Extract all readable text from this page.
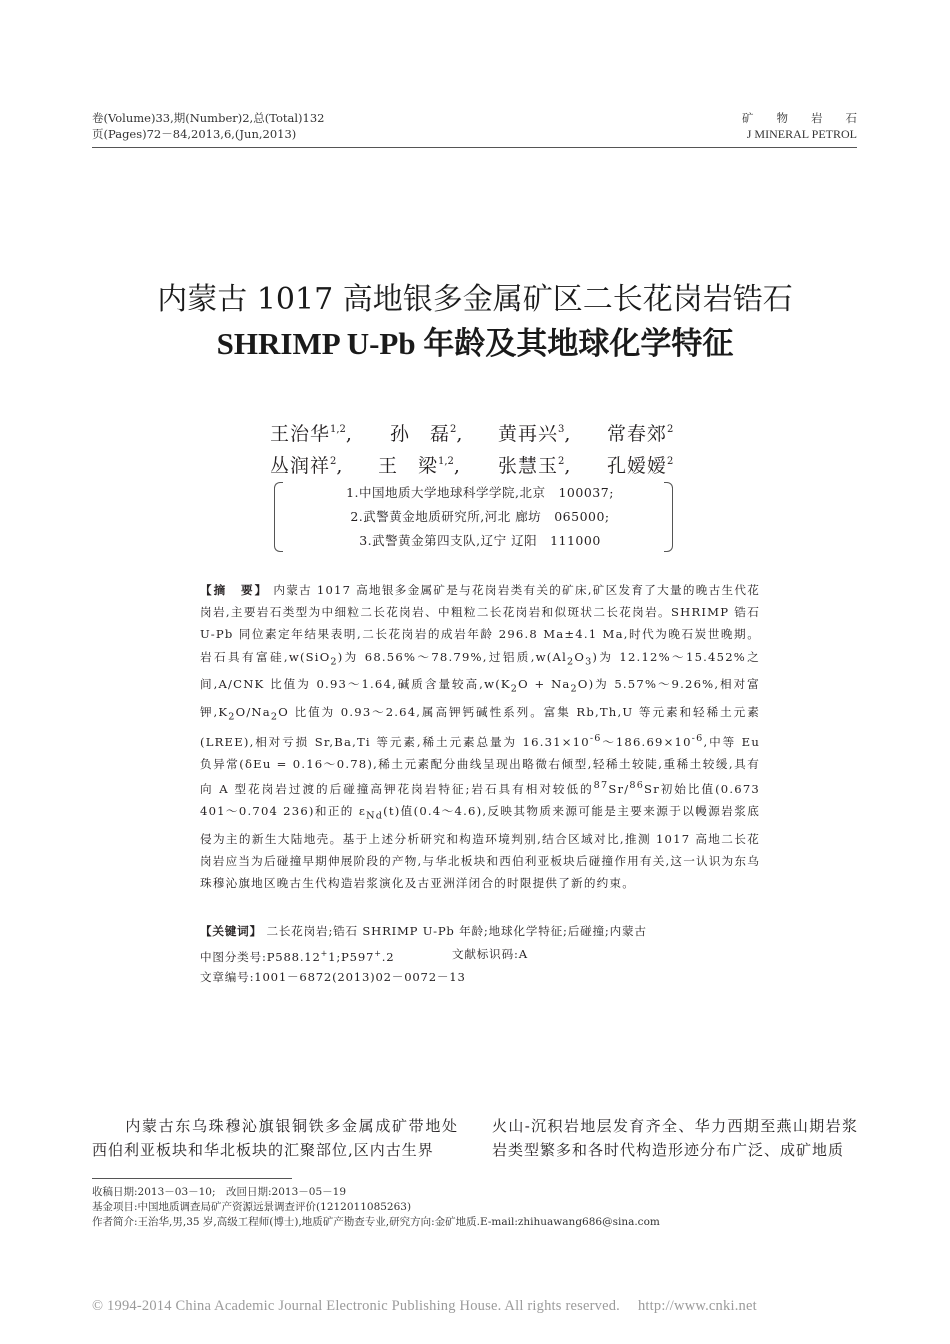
卷(Volume)33,期(Number)2,总(Total)132
页(Pages)72－84,2013,6,(Jun,2013)
矿　　物　　岩　　石
J MINERAL PETROL
内蒙古 1017 高地银多金属矿区二长花岗岩锆石
SHRIMP U-Pb 年龄及其地球化学特征
王治华$^{1,2}$, 孙　磊$^2$, 黄再兴$^3$, 常春郊$^2$
丛润祥$^2$, 王　梁$^{1,2}$, 张慧玉$^2$, 孔嫒嫒$^2$
1.中国地质大学地球科学学院,北京　100037;
2.武警黄金地质研究所,河北 廊坊　065000;
3.武警黄金第四支队,辽宁 辽阳　111000
【摘　要】 内蒙古 1017 高地银多金属矿是与花岗岩类有关的矿床,矿区发育了大量的晚古生代花岗岩,主要岩石类型为中细粒二长花岗岩、中粗粒二长花岗岩和似斑状二长花岗岩。SHRIMP 锆石 U-Pb 同位素定年结果表明,二长花岗岩的成岩年龄 296.8 Ma±4.1 Ma,时代为晚石炭世晚期。岩石具有富硅,w(SiO$_2$)为 68.56%～78.79%,过铝质$,w(Al_2O_3)$为 12.12%～15.452%之间,A/CNK 比值为 0.93～1.64,碱质含量较高$,w(K_2O + Na_2O)$为 5.57%～9.26%,相对富钾$,K_2O/Na_2O$ 比值为 0.93～2.64,属高钾钙碱性系列。富集 Rb,Th,U 等元素和轻稀土元素(LREE),相对亏损 Sr,Ba,Ti 等元素,稀土元素总量为 $16.31\times 10^{-6}\sim 186.69\times 10^{-6}$,中等 Eu 负异常(δEu = 0.16～0.78),稀土元素配分曲线呈现出略微右倾型,轻稀土较陡,重稀土较缓,具有向 A 型花岗岩过渡的后碰撞高钾花岗岩特征;岩石具有相对较低的$^{87}$Sr/$^{86}$Sr初始比值(0.673 401～0.704 236)和正的 $\varepsilon_{Nd}(t)$值(0.4～4.6),反映其物质来源可能是主要来源于以幔源岩浆底侵为主的新生大陆地壳。基于上述分析研究和构造环境判别,结合区域对比,推测 1017 高地二长花岗岩应当为后碰撞早期伸展阶段的产物,与华北板块和西伯利亚板块后碰撞作用有关,这一认识为东乌珠穆沁旗地区晚古生代构造岩浆演化及古亚洲洋闭合的时限提供了新的约束。
【关键词】 二长花岗岩;锆石 SHRIMP U-Pb 年龄;地球化学特征;后碰撞;内蒙古
中图分类号:P588.12+1;P597+.2	文献标识码:A
文章编号:1001－6872(2013)02－0072－13
　　内蒙古东乌珠穆沁旗银铜铁多金属成矿带地处西伯利亚板块和华北板块的汇聚部位,区内古生界
火山-沉积岩地层发育齐全、华力西期至燕山期岩浆岩类型繁多和各时代构造形迹分布广泛、成矿地质
收稿日期:2013－03－10;　改回日期:2013－05－19
基金项目:中国地质调查局矿产资源远景调查评价(1212011085263)
作者简介:王治华,男,35 岁,高级工程师(博士),地质矿产勘查专业,研究方向:金矿地质.E-mail:zhihuawang686@sina.com
© 1994-2014 China Academic Journal Electronic Publishing House. All rights reserved. http://www.cnki.net
